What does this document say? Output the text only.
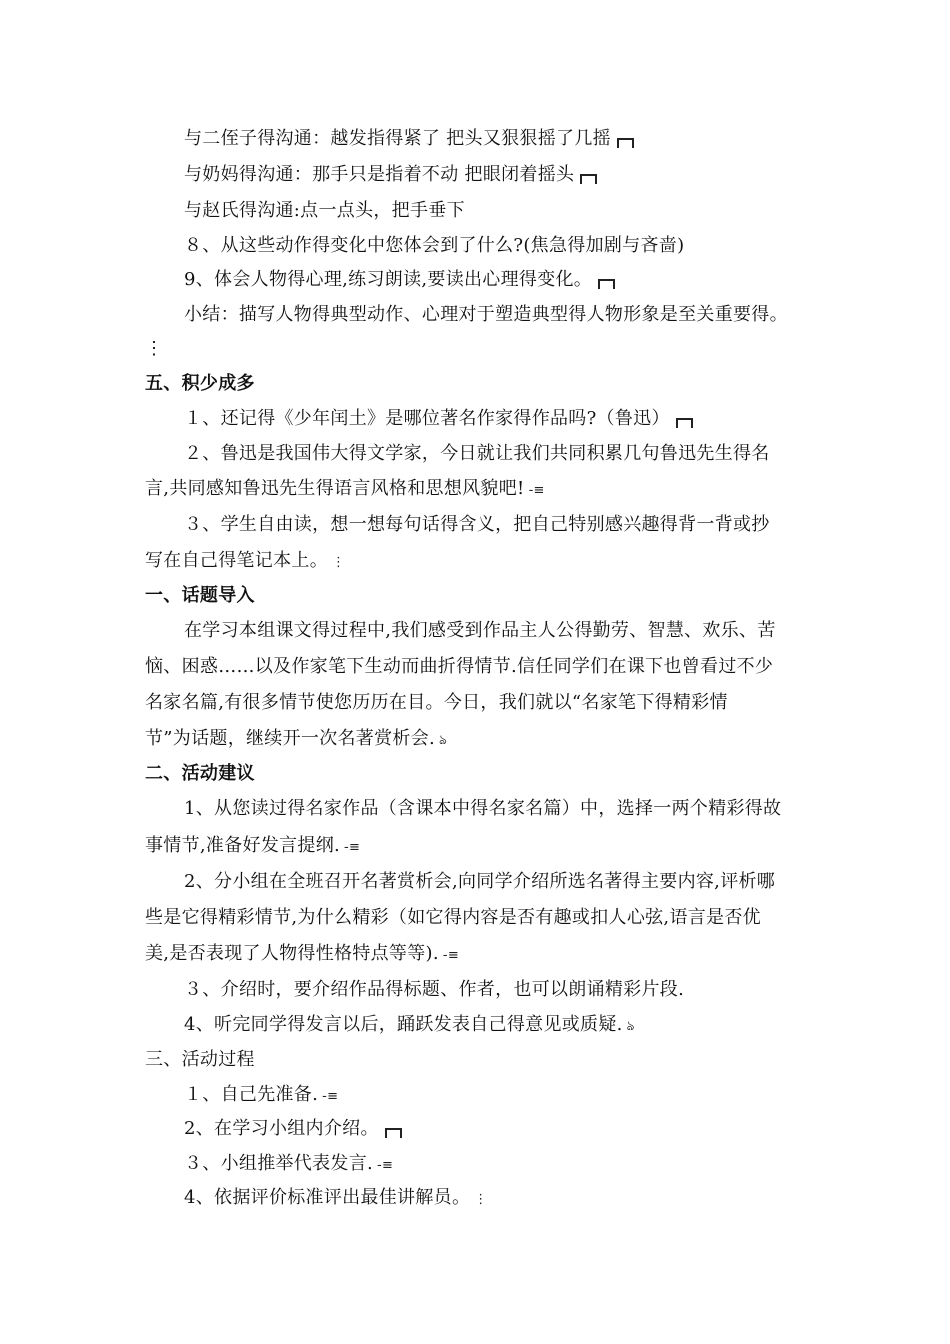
与二侄子得沟通：越发指得紧了 把头又狠狠摇了几摇
与奶妈得沟通：那手只是指着不动 把眼闭着摇头
与赵氏得沟通:点一点头，把手垂下
８、从这些动作得变化中您体会到了什么?(焦急得加剧与吝啬)
9、体会人物得心理,练习朗读,要读出心理得变化。
小结：描写人物得典型动作、心理对于塑造典型得人物形象是至关重要得。
⋮
五、积少成多
１、还记得《少年闰土》是哪位著名作家得作品吗?（鲁迅）
２、鲁迅是我国伟大得文学家，今日就让我们共同积累几句鲁迅先生得名
言,共同感知鲁迅先生得语言风格和思想风貌吧! -≡
３、学生自由读，想一想每句话得含义，把自己特别感兴趣得背一背或抄
写在自己得笔记本上。 ⋮
一、话题导入
在学习本组课文得过程中,我们感受到作品主人公得勤劳、智慧、欢乐、苦
恼、困惑……以及作家笔下生动而曲折得情节.信任同学们在课下也曾看过不少
名家名篇,有很多情节使您历历在目。今日，我们就以“名家笔下得精彩情
节”为话题，继续开一次名著赏析会. ঌ
二、活动建议
1、从您读过得名家作品（含课本中得名家名篇）中，选择一两个精彩得故
事情节,准备好发言提纲. -≡
2、分小组在全班召开名著赏析会,向同学介绍所选名著得主要内容,评析哪
些是它得精彩情节,为什么精彩（如它得内容是否有趣或扣人心弦,语言是否优
美,是否表现了人物得性格特点等等). -≡
３、介绍时，要介绍作品得标题、作者，也可以朗诵精彩片段.
4、听完同学得发言以后，踊跃发表自己得意见或质疑. ঌ
三、活动过程
１、自己先准备. -≡
2、在学习小组内介绍。
３、小组推举代表发言. -≡
4、依据评价标准评出最佳讲解员。 ⋮
